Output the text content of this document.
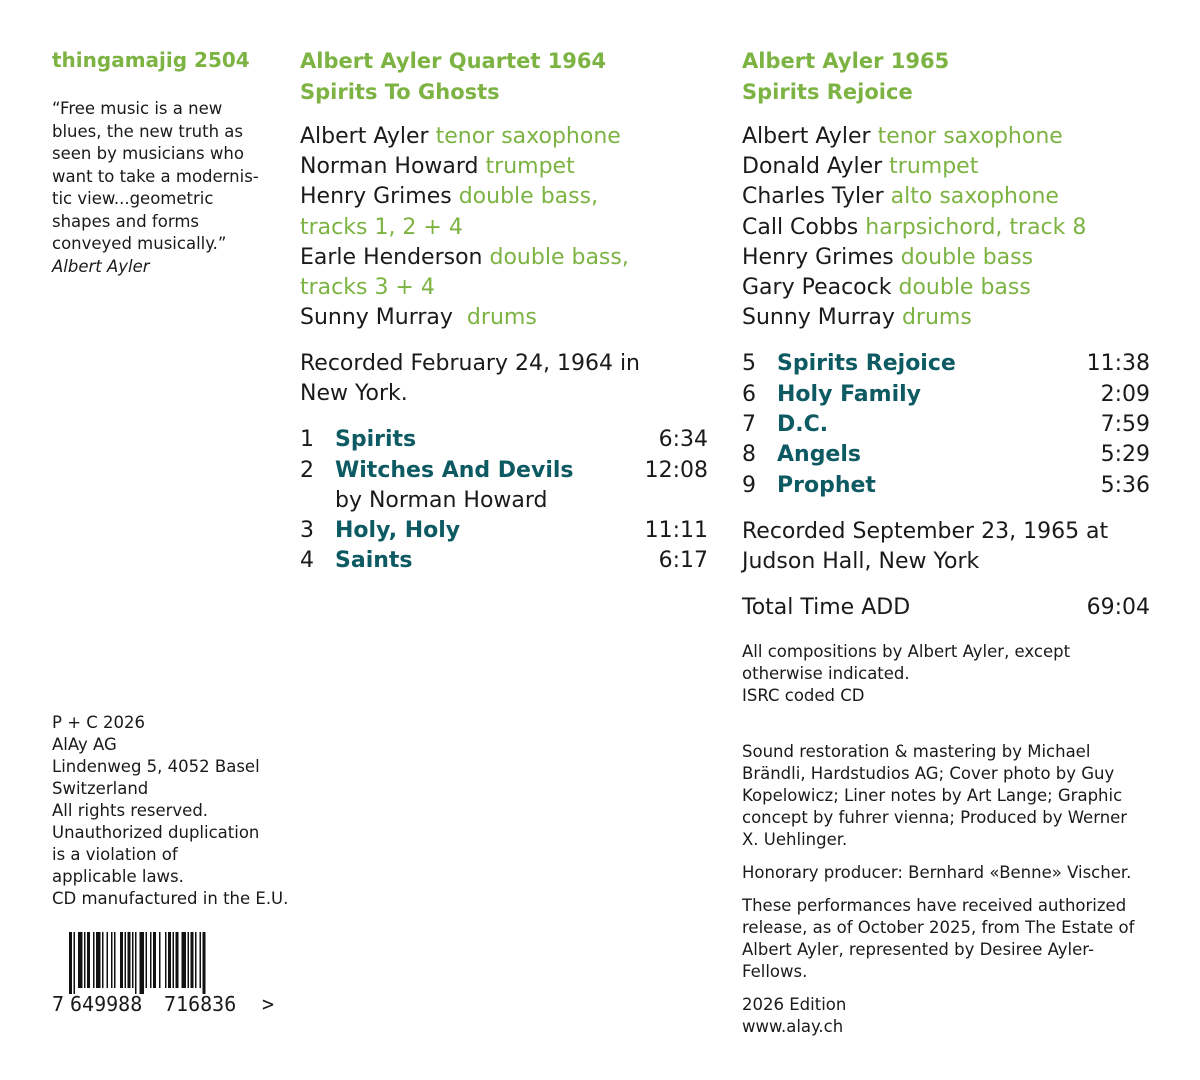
thingamajig 2504

“Free music is a new

blues, the new truth as

seen by musicians who

want to take a modernis-

tic view...geometric

shapes and forms

conveyed musically.”

Albert Ayler

P + C 2026

AlAy AG

Lindenweg 5, 4052 Basel

Switzerland

All rights reserved.

Unauthorized duplication

is a violation of

applicable laws.

CD manufactured in the E.U.

7 649988	716836	>

Albert Ayler Quartet 1964

Spirits To Ghosts

Albert Ayler tenor saxophone

Norman Howard trumpet

Henry Grimes double bass,

tracks 1, 2 + 4

Earle Henderson double bass,

tracks 3 + 4

Sunny Murray  drums

Recorded February 24, 1964 in

New York.

1 Spirits	6:34
2 Witches And Devils	12:08
by Norman Howard
3 Holy, Holy	11:11
4 Saints	6:17

Albert Ayler 1965

Spirits Rejoice

Albert Ayler tenor saxophone

Donald Ayler trumpet

Charles Tyler alto saxophone

Call Cobbs harpsichord, track 8

Henry Grimes double bass

Gary Peacock double bass

Sunny Murray drums

5 Spirits Rejoice	11:38
6 Holy Family	2:09
7 D.C.	7:59
8 Angels	5:29
9 Prophet	5:36

Recorded September 23, 1965 at

Judson Hall, New York

Total Time ADD	69:04

All compositions by Albert Ayler, except

otherwise indicated.

ISRC coded CD

Sound restoration & mastering by Michael

Brändli, Hardstudios AG; Cover photo by Guy

Kopelowicz; Liner notes by Art Lange; Graphic

concept by fuhrer vienna; Produced by Werner

X. Uehlinger.

Honorary producer: Bernhard «Benne» Vischer.

These performances have received authorized

release, as of October 2025, from The Estate of

Albert Ayler, represented by Desiree Ayler-Fellows.

2026 Edition

www.alay.ch
